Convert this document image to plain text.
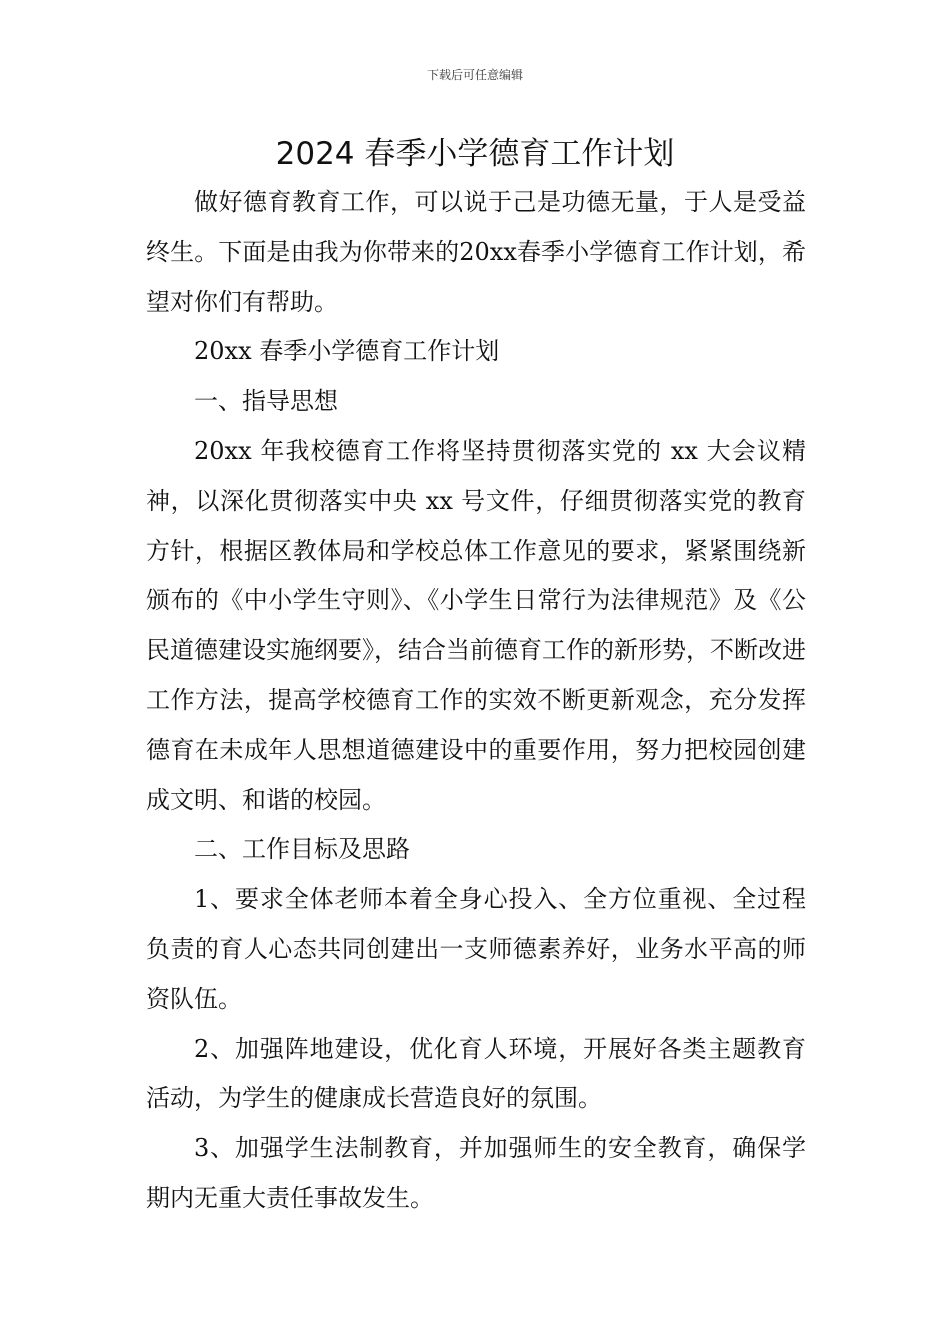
下载后可任意编辑
2024 春季小学德育工作计划

做好德育教育工作，可以说于己是功德无量，于人是受益终生。下面是由我为你带来的20xx春季小学德育工作计划，希望对你们有帮助。

20xx 春季小学德育工作计划

一、指导思想

20xx 年我校德育工作将坚持贯彻落实党的 xx 大会议精神，以深化贯彻落实中央 xx 号文件，仔细贯彻落实党的教育方针，根据区教体局和学校总体工作意见的要求，紧紧围绕新颁布的《中小学生守则》、《小学生日常行为法律规范》及《公民道德建设实施纲要》，结合当前德育工作的新形势，不断改进工作方法，提高学校德育工作的实效不断更新观念，充分发挥德育在未成年人思想道德建设中的重要作用，努力把校园创建成文明、和谐的校园。

二、工作目标及思路

1、要求全体老师本着全身心投入、全方位重视、全过程负责的育人心态共同创建出一支师德素养好，业务水平高的师资队伍。

2、加强阵地建设，优化育人环境，开展好各类主题教育活动，为学生的健康成长营造良好的氛围。

3、加强学生法制教育，并加强师生的安全教育，确保学期内无重大责任事故发生。
